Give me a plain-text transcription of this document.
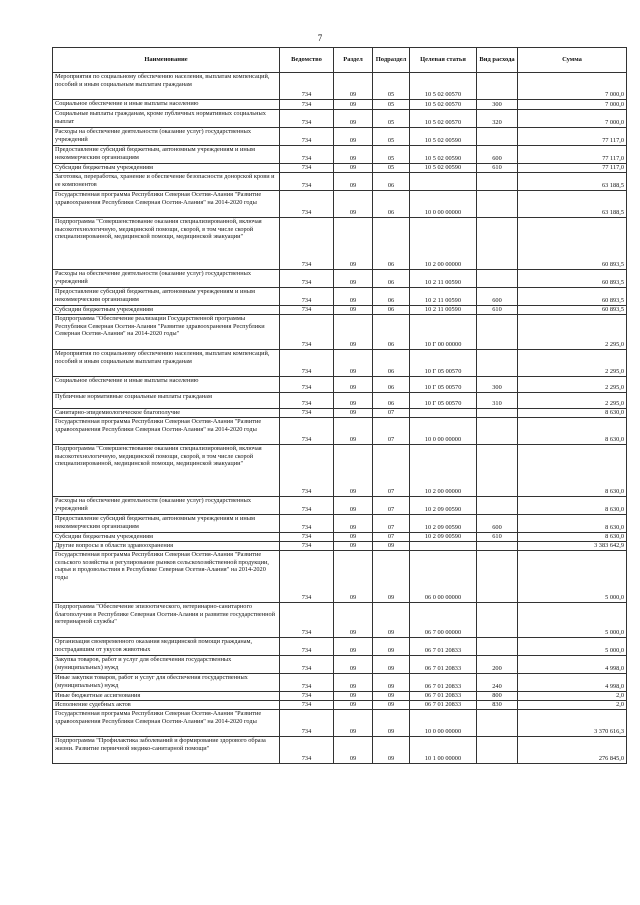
7
Наименование	Ведомство	Раздел	Подраздел	Целевая статья	Вид расхода	Сумма
Мероприятия по социальному обеспечению населения, выплатам компенсаций, пособий и иным социальным выплатам гражданам	734	09	05	10 5 02 00570		7 000,0
Социальное обеспечение и иные выплаты населению	734	09	05	10 5 02 00570	300	7 000,0
Социальные выплаты гражданам, кроме публичных нормативных социальных выплат	734	09	05	10 5 02 00570	320	7 000,0
Расходы на обеспечение деятельности (оказание услуг) государственных учреждений	734	09	05	10 5 02 00590		77 117,0
Предоставление субсидий бюджетным, автономным учреждениям и иным некоммерческим организациям	734	09	05	10 5 02 00590	600	77 117,0
Субсидии бюджетным учреждениям	734	09	05	10 5 02 00590	610	77 117,0
Заготовка, переработка, хранение и обеспечение безопасности донорской крови и ее компонентов	734	09	06			63 188,5
Государственная программа Республики Северная Осетия-Алания "Развитие здравоохранения Республики Северная Осетия-Алания" на 2014-2020 годы	734	09	06	10 0 00 00000		63 188,5
Подпрограмма "Совершенствование оказания специализированной, включая высокотехнологичную, медицинской помощи, скорой, в том числе скорой специализированной, медицинской помощи, медицинской эвакуации"	734	09	06	10 2 00 00000		60 893,5
Расходы на обеспечение деятельности (оказание услуг) государственных учреждений	734	09	06	10 2 11 00590		60 893,5
Предоставление субсидий бюджетным, автономным учреждениям и иным некоммерческим организациям	734	09	06	10 2 11 00590	600	60 893,5
Субсидии бюджетным учреждениям	734	09	06	10 2 11 00590	610	60 893,5
Подпрограмма "Обеспечение реализации Государственной программы Республики Северная Осетия-Алания "Развитие здравоохранения Республики Северная Осетия-Алания" на 2014-2020 годы"	734	09	06	10 Г 00 00000		2 295,0
Мероприятия по социальному обеспечению населения, выплатам компенсаций, пособий и иным социальным выплатам гражданам	734	09	06	10 Г 05 00570		2 295,0
Социальное обеспечение и иные выплаты населению	734	09	06	10 Г 05 00570	300	2 295,0
Публичные нормативные социальные выплаты гражданам	734	09	06	10 Г 05 00570	310	2 295,0
Санитарно-эпидемиологическое благополучие	734	09	07			8 630,0
Государственная программа Республики Северная Осетия-Алания "Развитие здравоохранения Республики Северная Осетия-Алания" на 2014-2020 годы	734	09	07	10 0 00 00000		8 630,0
Подпрограмма "Совершенствование оказания специализированной, включая высокотехнологичную, медицинской помощи, скорой, в том числе скорой специализированной, медицинской помощи, медицинской эвакуации"	734	09	07	10 2 00 00000		8 630,0
Расходы на обеспечение деятельности (оказание услуг) государственных учреждений	734	09	07	10 2 09 00590		8 630,0
Предоставление субсидий бюджетным, автономным учреждениям и иным некоммерческим организациям	734	09	07	10 2 09 00590	600	8 630,0
Субсидии бюджетным учреждениям	734	09	07	10 2 09 00590	610	8 630,0
Другие вопросы в области здравоохранения	734	09	09			3 383 642,9
Государственная программа Республики Северная Осетия-Алания "Развитие сельского хозяйства и регулирование рынков сельскохозяйственной продукции, сырья и продовольствия в Республике Северная Осетия-Алания" на 2014-2020 годы	734	09	09	06 0 00 00000		5 000,0
Подпрограмма "Обеспечение эпизоотического, ветеринарно-санитарного благополучия в Республике Северная Осетия-Алания и развитие государственной ветеринарной службы"	734	09	09	06 7 00 00000		5 000,0
Организация своевременного оказания медицинской помощи гражданам, пострадавшим от укусов животных	734	09	09	06 7 01 20833		5 000,0
Закупка товаров, работ и услуг для обеспечения государственных (муниципальных) нужд	734	09	09	06 7 01 20833	200	4 998,0
Иные закупки товаров, работ и услуг для обеспечения государственных (муниципальных) нужд	734	09	09	06 7 01 20833	240	4 998,0
Иные бюджетные ассигнования	734	09	09	06 7 01 20833	800	2,0
Исполнение судебных актов	734	09	09	06 7 01 20833	830	2,0
Государственная программа Республики Северная Осетия-Алания "Развитие здравоохранения Республики Северная Осетия-Алания" на 2014-2020 годы	734	09	09	10 0 00 00000		3 370 616,3
Подпрограмма "Профилактика заболеваний и формирование здорового образа жизни. Развитие первичной медико-санитарной помощи"	734	09	09	10 1 00 00000		276 845,0
